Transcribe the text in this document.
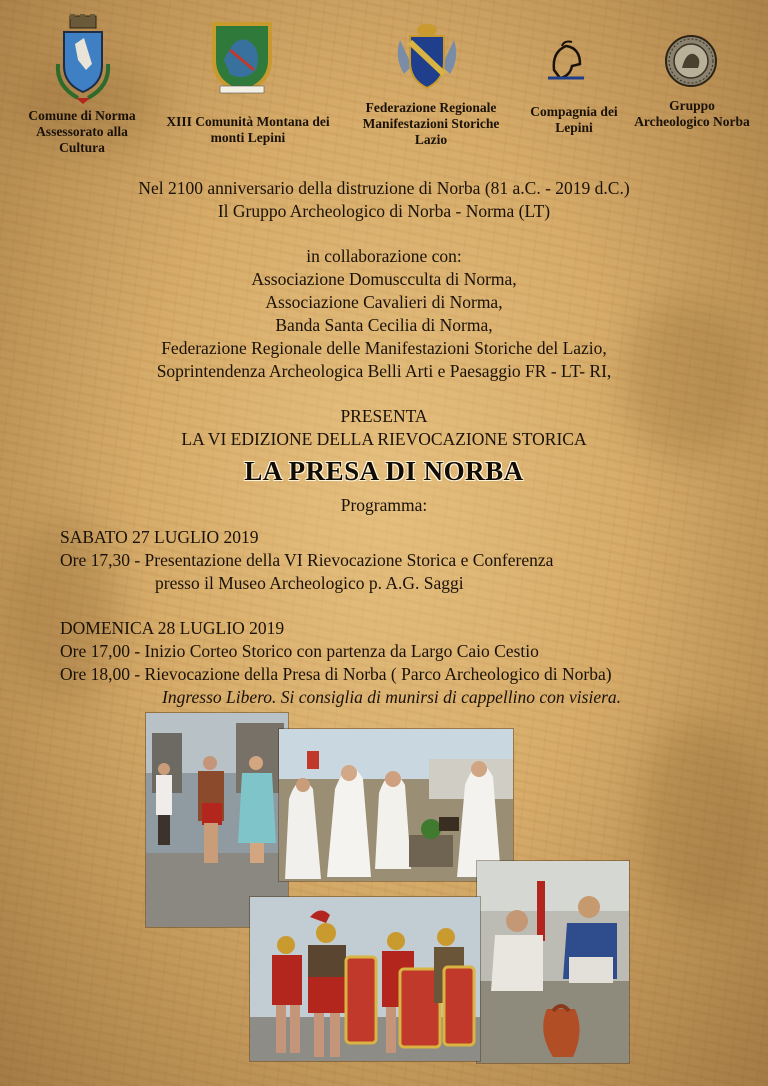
Comune di Norma
Assessorato alla
Cultura
XIII Comunità Montana dei
monti Lepini
Federazione Regionale
Manifestazioni Storiche
Lazio
Compagnia dei
Lepini
Gruppo
Archeologico Norba
Nel 2100 anniversario della distruzione di Norba (81 a.C. - 2019 d.C.)
Il Gruppo Archeologico di Norba - Norma (LT)
in collaborazione con:
Associazione Domuscculta di Norma,
Associazione Cavalieri di Norma,
Banda Santa Cecilia di Norma,
Federazione Regionale delle Manifestazioni Storiche del Lazio,
Soprintendenza Archeologica Belli Arti e Paesaggio FR - LT- RI,
PRESENTA
LA VI EDIZIONE DELLA RIEVOCAZIONE STORICA
LA PRESA DI NORBA
Programma:
SABATO 27 LUGLIO 2019
Ore 17,30 - Presentazione della VI Rievocazione Storica e Conferenza
presso il Museo Archeologico p. A.G. Saggi
DOMENICA 28 LUGLIO 2019
Ore 17,00 - Inizio Corteo Storico con partenza da Largo Caio Cestio
Ore 18,00 - Rievocazione della Presa di Norba ( Parco Archeologico di Norba)
Ingresso Libero. Si consiglia di munirsi di cappellino con visiera.
